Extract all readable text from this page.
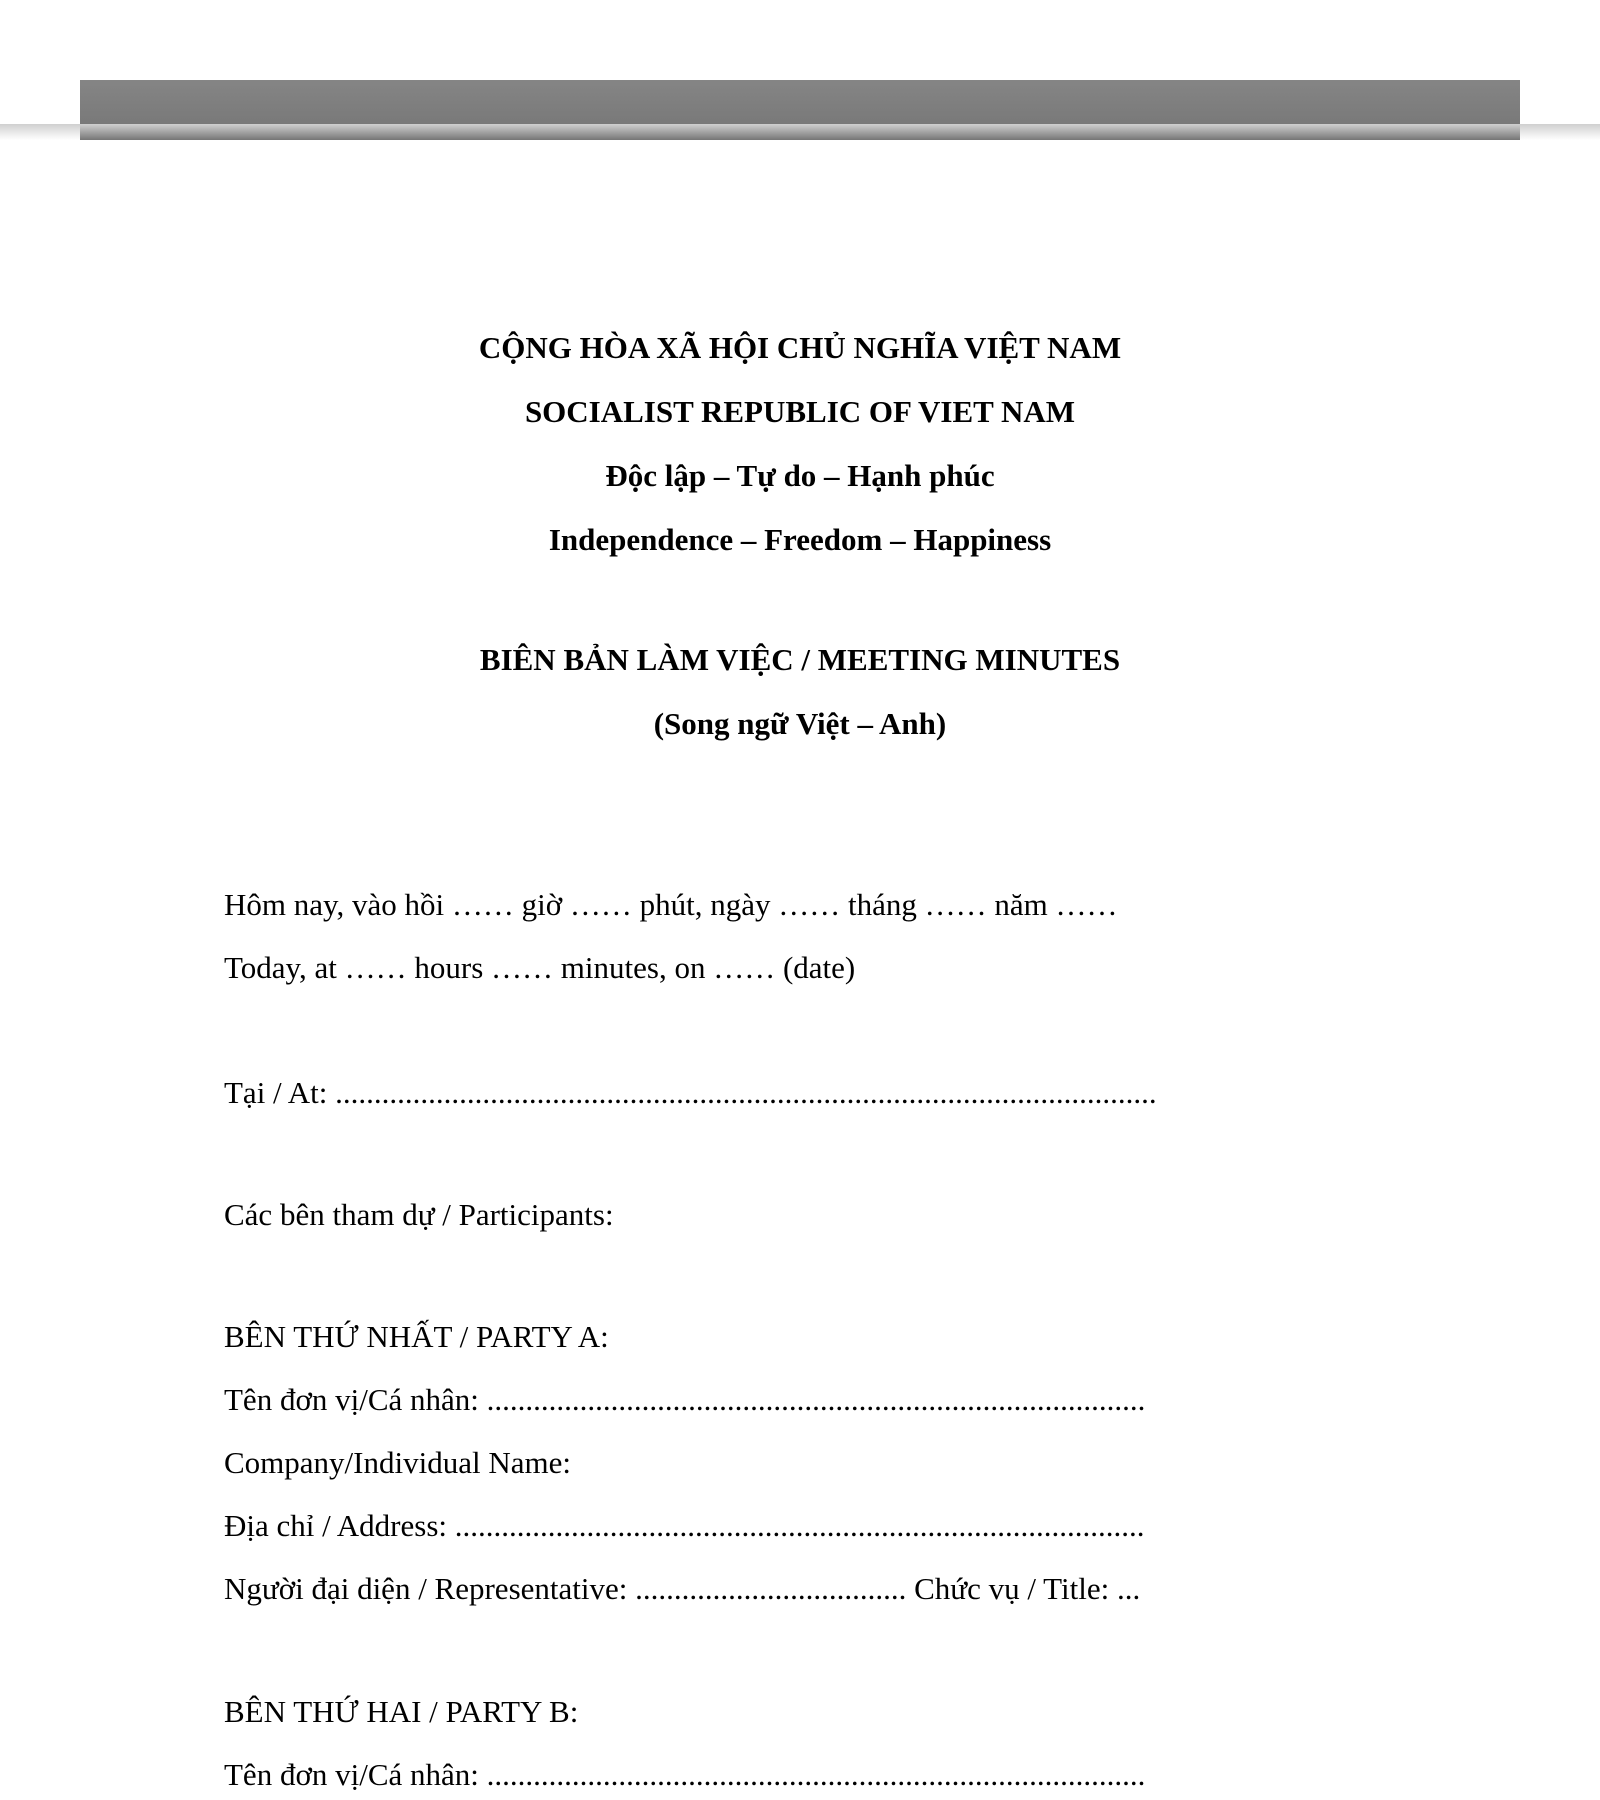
CỘNG HÒA XÃ HỘI CHỦ NGHĨA VIỆT NAM

SOCIALIST REPUBLIC OF VIET NAM

Độc lập – Tự do – Hạnh phúc

Independence – Freedom – Happiness

BIÊN BẢN LÀM VIỆC / MEETING MINUTES

(Song ngữ Việt – Anh)

Hôm nay, vào hồi …… giờ …… phút, ngày …… tháng …… năm ……

Today, at …… hours …… minutes, on …… (date)

Tại / At: ..........................................................................................................

Các bên tham dự / Participants:

BÊN THỨ NHẤT / PARTY A:

Tên đơn vị/Cá nhân: .....................................................................................

Company/Individual Name:

Địa chỉ / Address: .........................................................................................

Người đại diện / Representative: ................................... Chức vụ / Title: ...

BÊN THỨ HAI / PARTY B:

Tên đơn vị/Cá nhân: .....................................................................................
